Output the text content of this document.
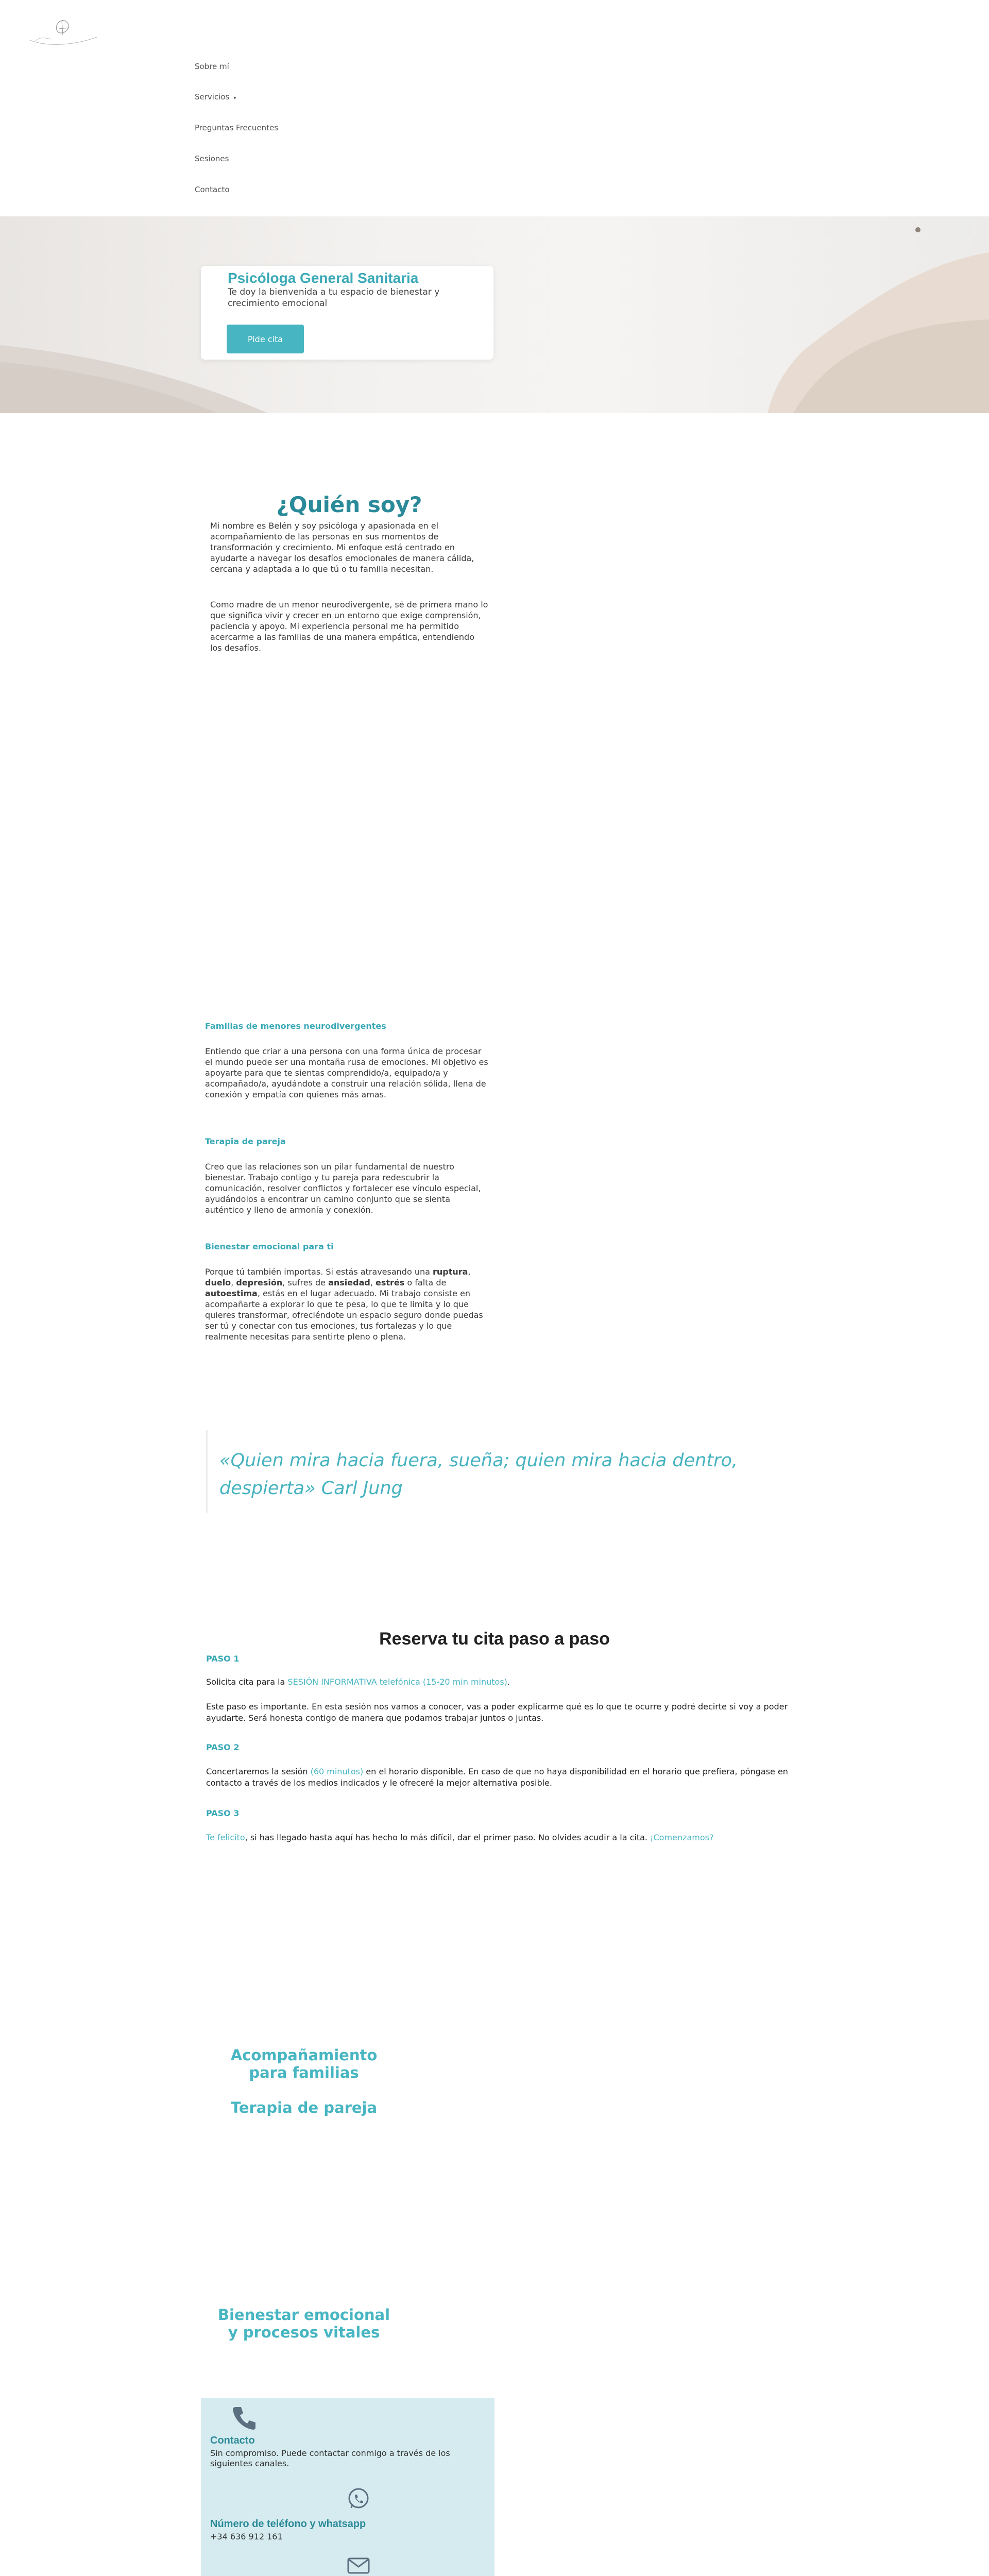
Sobre mí
Servicios ▾
Preguntas Frecuentes
Sesiones
Contacto
Psicóloga General Sanitaria
Te doy la bienvenida a tu espacio de bienestar y crecimiento emocional
Pide cita
¿Quién soy?
Mi nombre es Belén y soy psicóloga y apasionada en el acompañamiento de las personas en sus momentos de transformación y crecimiento. Mi enfoque está centrado en ayudarte a navegar los desafíos emocionales de manera cálida, cercana y adaptada a lo que tú o tu familia necesitan.
Como madre de un menor neurodivergente, sé de primera mano lo que significa vivir y crecer en un entorno que exige comprensión, paciencia y apoyo. Mi experiencia personal me ha permitido acercarme a las familias de una manera empática, entendiendo los desafíos.
Familias de menores neurodivergentes
Entiendo que criar a una persona con una forma única de procesar el mundo puede ser una montaña rusa de emociones. Mi objetivo es apoyarte para que te sientas comprendido/a, equipado/a y acompañado/a, ayudándote a construir una relación sólida, llena de conexión y empatía con quienes más amas.
Terapia de pareja
Creo que las relaciones son un pilar fundamental de nuestro bienestar. Trabajo contigo y tu pareja para redescubrir la comunicación, resolver conflictos y fortalecer ese vínculo especial, ayudándolos a encontrar un camino conjunto que se sienta auténtico y lleno de armonía y conexión.
Bienestar emocional para ti
Porque tú también importas. Si estás atravesando una ruptura, duelo, depresión, sufres de ansiedad, estrés o falta de autoestima, estás en el lugar adecuado. Mi trabajo consiste en acompañarte a explorar lo que te pesa, lo que te limita y lo que quieres transformar, ofreciéndote un espacio seguro donde puedas ser tú y conectar con tus emociones, tus fortalezas y lo que realmente necesitas para sentirte pleno o plena.
«Quien mira hacia fuera, sueña; quien mira hacia dentro, despierta» Carl Jung
Reserva tu cita paso a paso
PASO 1
Solicita cita para la SESIÓN INFORMATIVA telefónica (15-20 min minutos).
Este paso es importante. En esta sesión nos vamos a conocer, vas a poder explicarme qué es lo que te ocurre y podré decirte si voy a poder ayudarte. Será honesta contigo de manera que podamos trabajar juntos o juntas.
PASO 2
Concertaremos la sesión (60 minutos) en el horario disponible. En caso de que no haya disponibilidad en el horario que prefiera, póngase en contacto a través de los medios indicados y le ofreceré la mejor alternativa posible.
PASO 3
Te felicito, si has llegado hasta aquí has hecho lo más difícil, dar el primer paso. No olvides acudir a la cita. ¡Comenzamos?
Acompañamiento para familias
Terapia de pareja
Bienestar emocional y procesos vitales
Contacto
Sin compromiso. Puede contactar conmigo a través de los siguientes canales.
Número de teléfono y whatsapp
+34 636 912 161
